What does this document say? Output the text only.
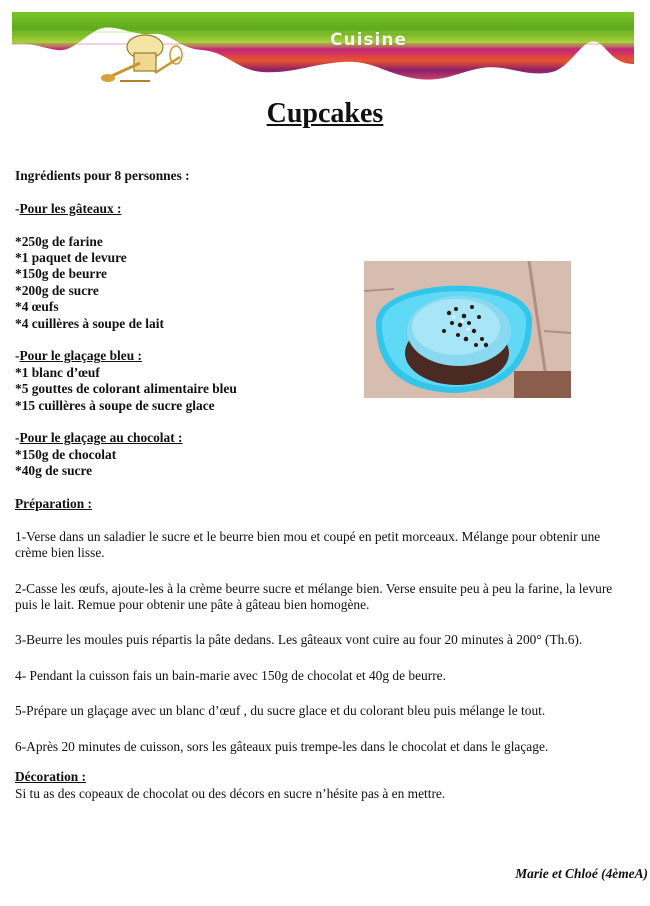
Cuisine
Cupcakes

Ingrédients pour 8 personnes :

-Pour les gâteaux :

*250g de farine

*1 paquet de levure

*150g de beurre

*200g de sucre

*4 œufs

*4 cuillères à soupe de lait

-Pour le glaçage bleu :

*1 blanc d’œuf

*5 gouttes de colorant alimentaire bleu

*15 cuillères à soupe de sucre glace

-Pour le glaçage au chocolat :

*150g de chocolat

*40g de sucre

Préparation :

1-Verse dans un saladier le sucre et le beurre bien mou et coupé en petit morceaux. Mélange pour obtenir une crème bien lisse.

2-Casse les œufs, ajoute-les à la crème beurre sucre et mélange bien. Verse ensuite peu à peu la farine, la levure puis le lait. Remue pour obtenir une pâte à gâteau bien homogène.

3-Beurre les moules puis répartis la pâte dedans. Les gâteaux vont cuire au four 20 minutes à 200° (Th.6).

4- Pendant la cuisson fais un bain-marie avec 150g de chocolat et 40g de beurre.

5-Prépare un glaçage avec un blanc d’œuf , du sucre glace et du colorant bleu puis mélange le tout.

6-Après 20 minutes de cuisson, sors les gâteaux puis trempe-les dans le chocolat et dans le glaçage.

Décoration :

Si tu as des copeaux de chocolat ou des décors en sucre n’hésite pas à en mettre.

Marie et Chloé (4èmeA)
